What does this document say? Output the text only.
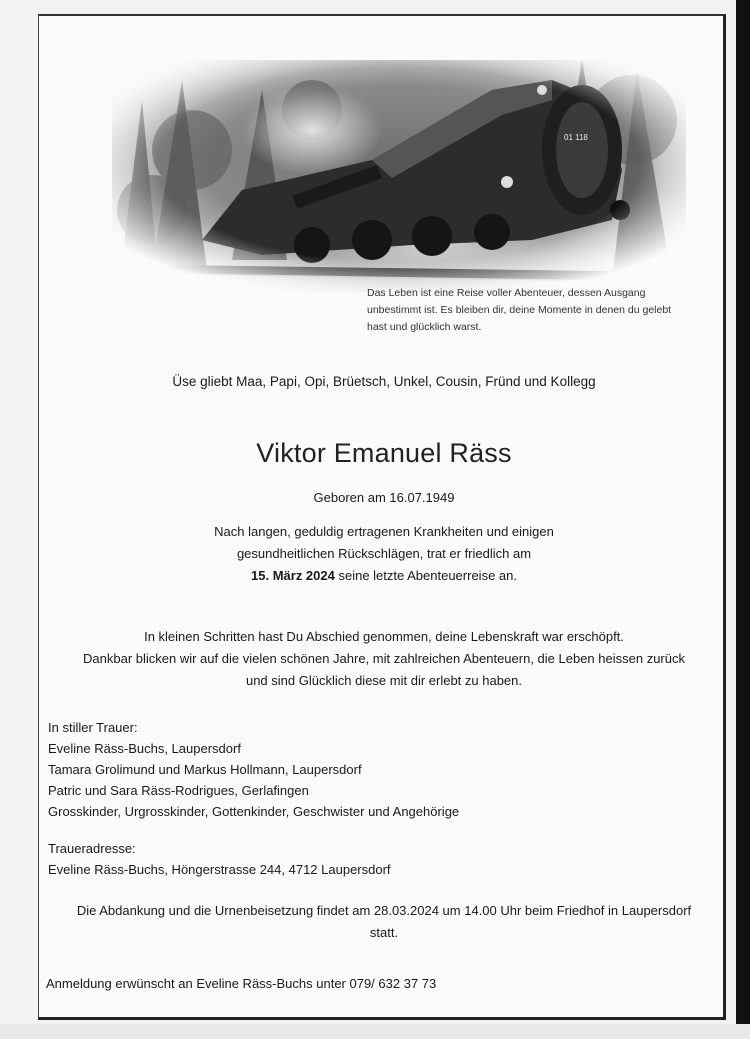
Das Leben ist eine Reise voller Abenteuer, dessen Ausgang
unbestimmt ist. Es bleiben dir, deine Momente in denen du gelebt
hast und glücklich warst.
Üse gliebt Maa, Papi, Opi, Brüetsch, Unkel, Cousin, Fründ und Kollegg
Viktor Emanuel Räss
Geboren am 16.07.1949
Nach langen, geduldig ertragenen Krankheiten und einigen
gesundheitlichen Rückschlägen, trat er friedlich am
15. März 2024 seine letzte Abenteuerreise an.
In kleinen Schritten hast Du Abschied genommen, deine Lebenskraft war erschöpft.
Dankbar blicken wir auf die vielen schönen Jahre, mit zahlreichen Abenteuern, die Leben heissen zurück
und sind Glücklich diese mit dir erlebt zu haben.
In stiller Trauer:
Eveline Räss-Buchs, Laupersdorf
Tamara Grolimund und Markus Hollmann, Laupersdorf
Patric und Sara Räss-Rodrigues, Gerlafingen
Grosskinder, Urgrosskinder, Gottenkinder, Geschwister und Angehörige
Traueradresse:
Eveline Räss-Buchs, Höngerstrasse 244, 4712 Laupersdorf
Die Abdankung und die Urnenbeisetzung findet am 28.03.2024 um 14.00 Uhr beim Friedhof in Laupersdorf
statt.
Anmeldung erwünscht an Eveline Räss-Buchs unter 079/ 632 37 73
